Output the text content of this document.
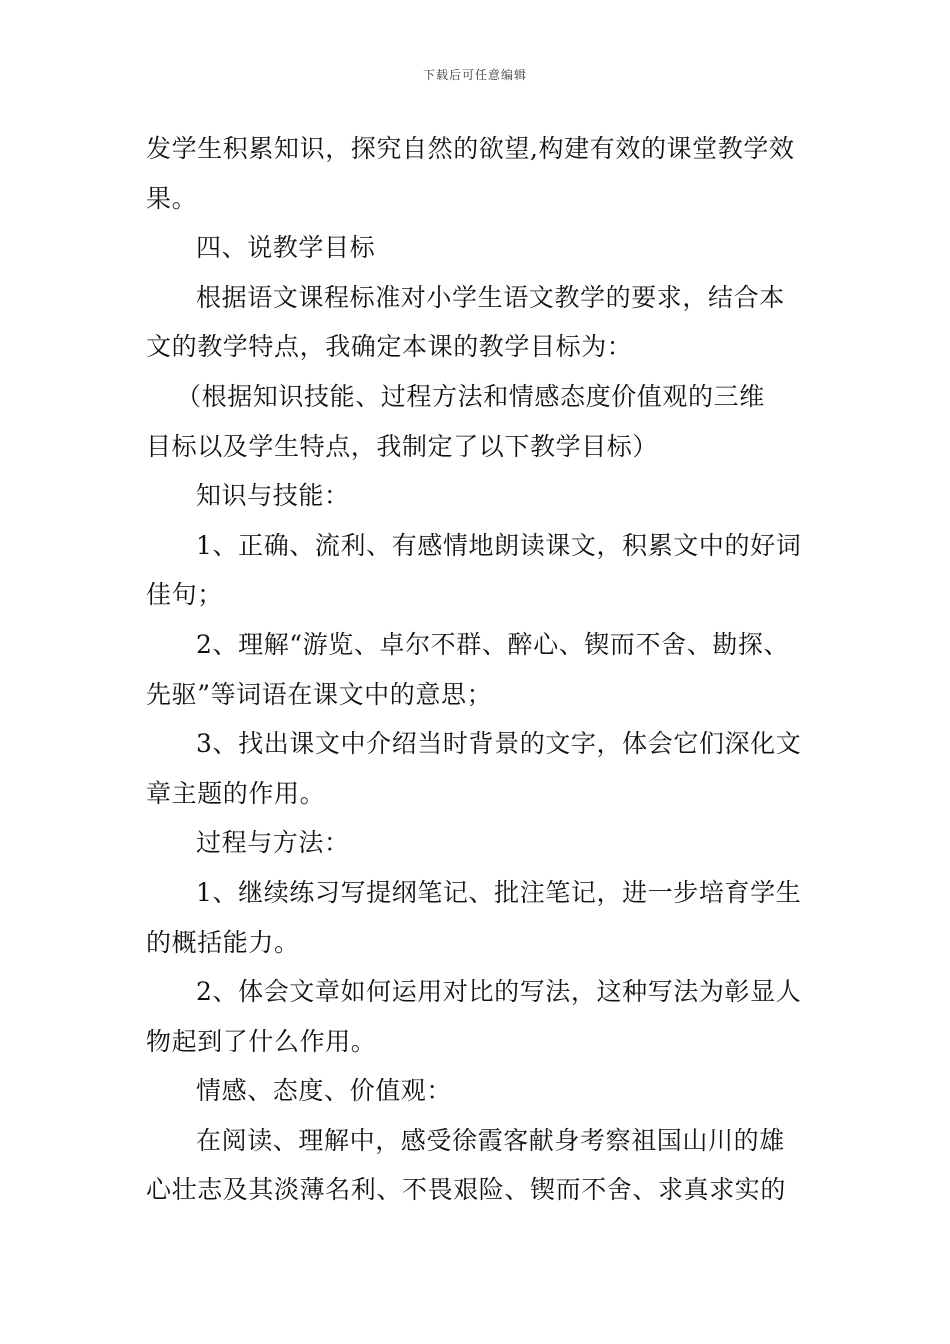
下载后可任意编辑

发学生积累知识，探究自然的欲望,构建有效的课堂教学效

果。

四、说教学目标

根据语文课程标准对小学生语文教学的要求，结合本

文的教学特点，我确定本课的教学目标为：

（根据知识技能、过程方法和情感态度价值观的三维

目标以及学生特点，我制定了以下教学目标）

知识与技能：

1、正确、流利、有感情地朗读课文，积累文中的好词

佳句；

2、理解“游览、卓尔不群、醉心、锲而不舍、勘探、

先驱”等词语在课文中的意思；

3、找出课文中介绍当时背景的文字，体会它们深化文

章主题的作用。

过程与方法：

1、继续练习写提纲笔记、批注笔记，进一步培育学生

的概括能力。

2、体会文章如何运用对比的写法，这种写法为彰显人

物起到了什么作用。

情感、态度、价值观：

在阅读、理解中，感受徐霞客献身考察祖国山川的雄

心壮志及其淡薄名利、不畏艰险、锲而不舍、求真求实的
